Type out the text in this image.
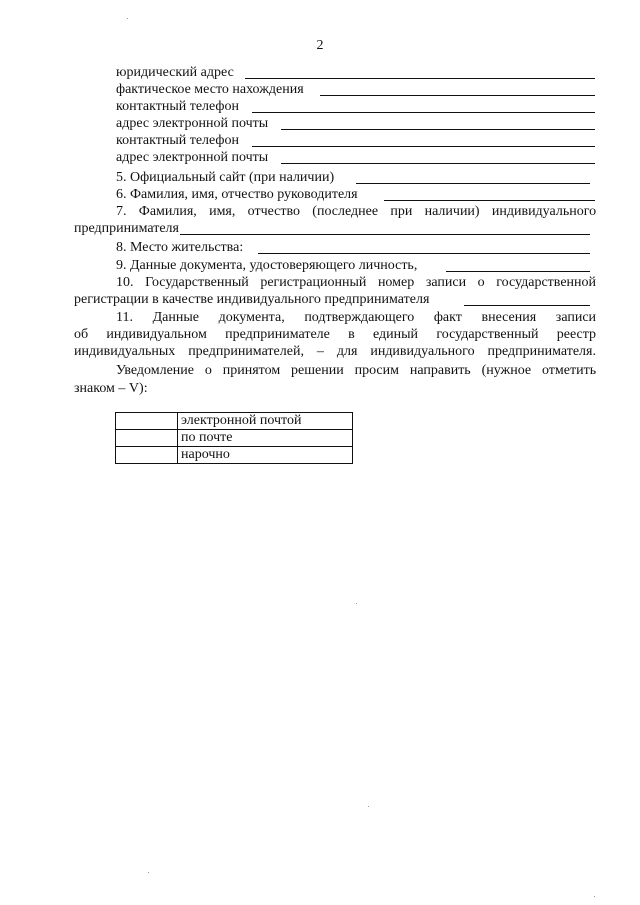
2
юридический адрес
фактическое место нахождения
контактный телефон
адрес электронной почты
контактный телефон
адрес электронной почты
5. Официальный сайт (при наличии)
6. Фамилия, имя, отчество руководителя
7. Фамилия, имя, отчество (последнее при наличии) индивидуального
предпринимателя
8. Место жительства:
9. Данные документа, удостоверяющего личность,
10. Государственный регистрационный номер записи о государственной
регистрации в качестве индивидуального предпринимателя
11. Данные документа, подтверждающего факт внесения записи
об индивидуальном предпринимателе в единый государственный реестр
индивидуальных предпринимателей, – для индивидуального предпринимателя.
Уведомление о принятом решении просим направить (нужное отметить
знаком – V):
	электронной почтой
	по почте
	нарочно
